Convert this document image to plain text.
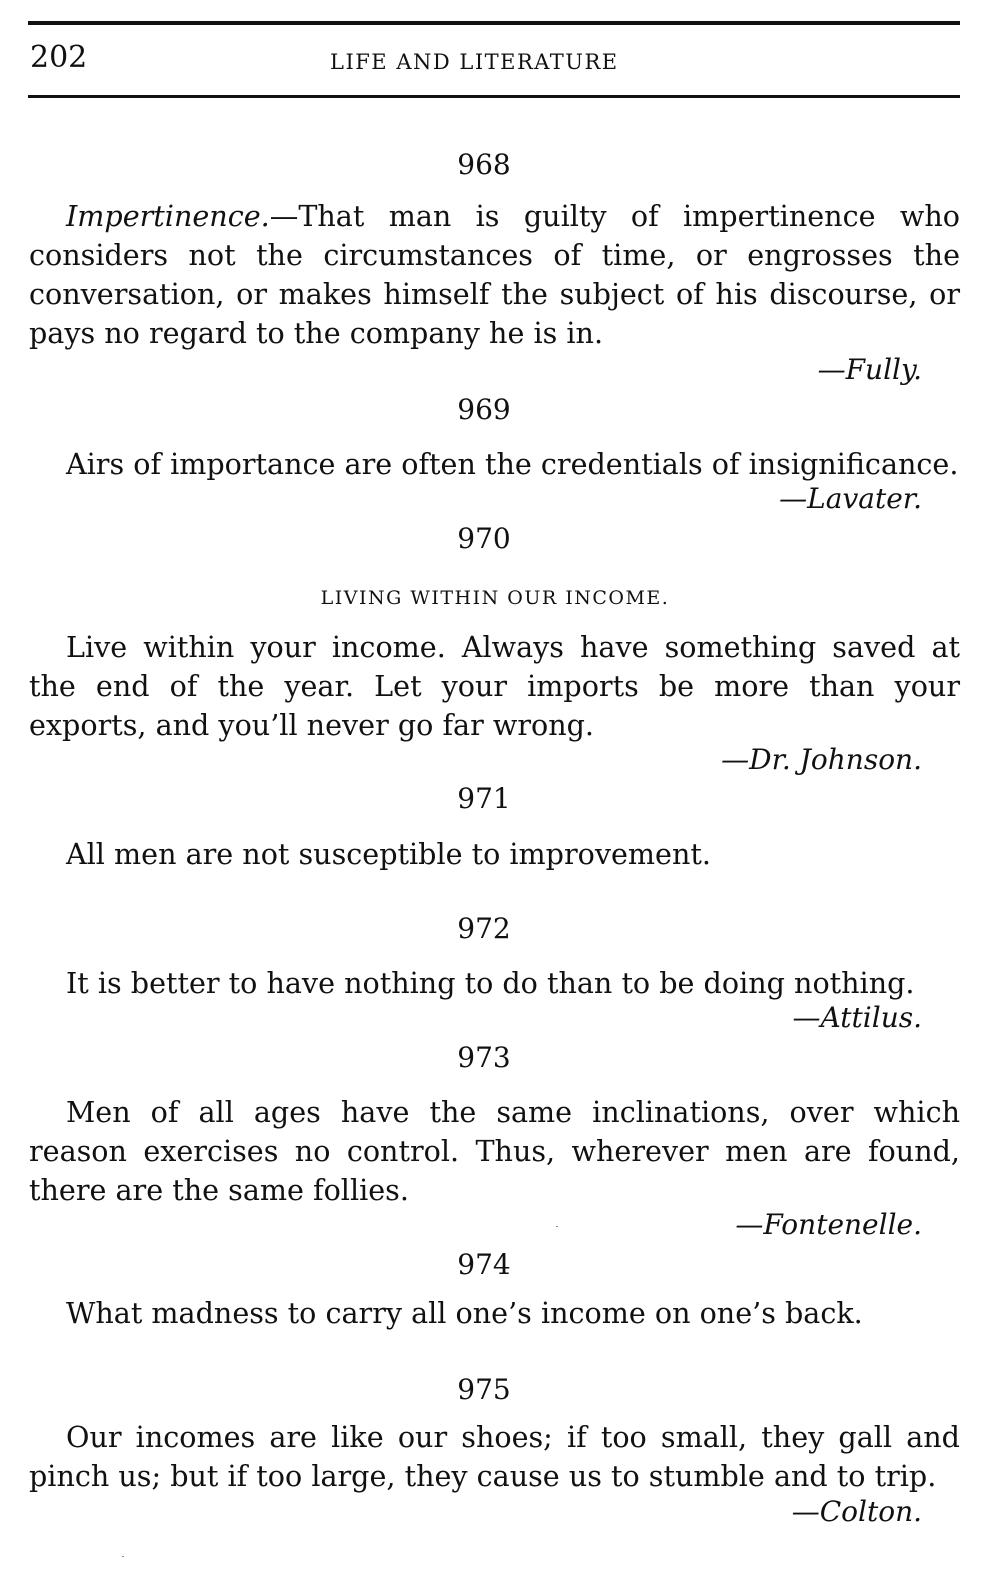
202	LIFE AND LITERATURE
968
Impertinence.—That man is guilty of impertinence who considers not the circumstances of time, or engrosses the conversation, or makes himself the subject of his discourse, or pays no regard to the company he is in.
—Fully.
969
Airs of importance are often the credentials of insignificance.
—Lavater.
970
LIVING WITHIN OUR INCOME.
Live within your income. Always have something saved at the end of the year. Let your imports be more than your exports, and you’ll never go far wrong.
—Dr. Johnson.
971
All men are not susceptible to improvement.
972
It is better to have nothing to do than to be doing nothing.
—Attilus.
973
Men of all ages have the same inclinations, over which reason exercises no control. Thus, wherever men are found, there are the same follies.
—Fontenelle.
974
What madness to carry all one’s income on one’s back.
975
Our incomes are like our shoes; if too small, they gall and pinch us; but if too large, they cause us to stumble and to trip.
—Colton.
